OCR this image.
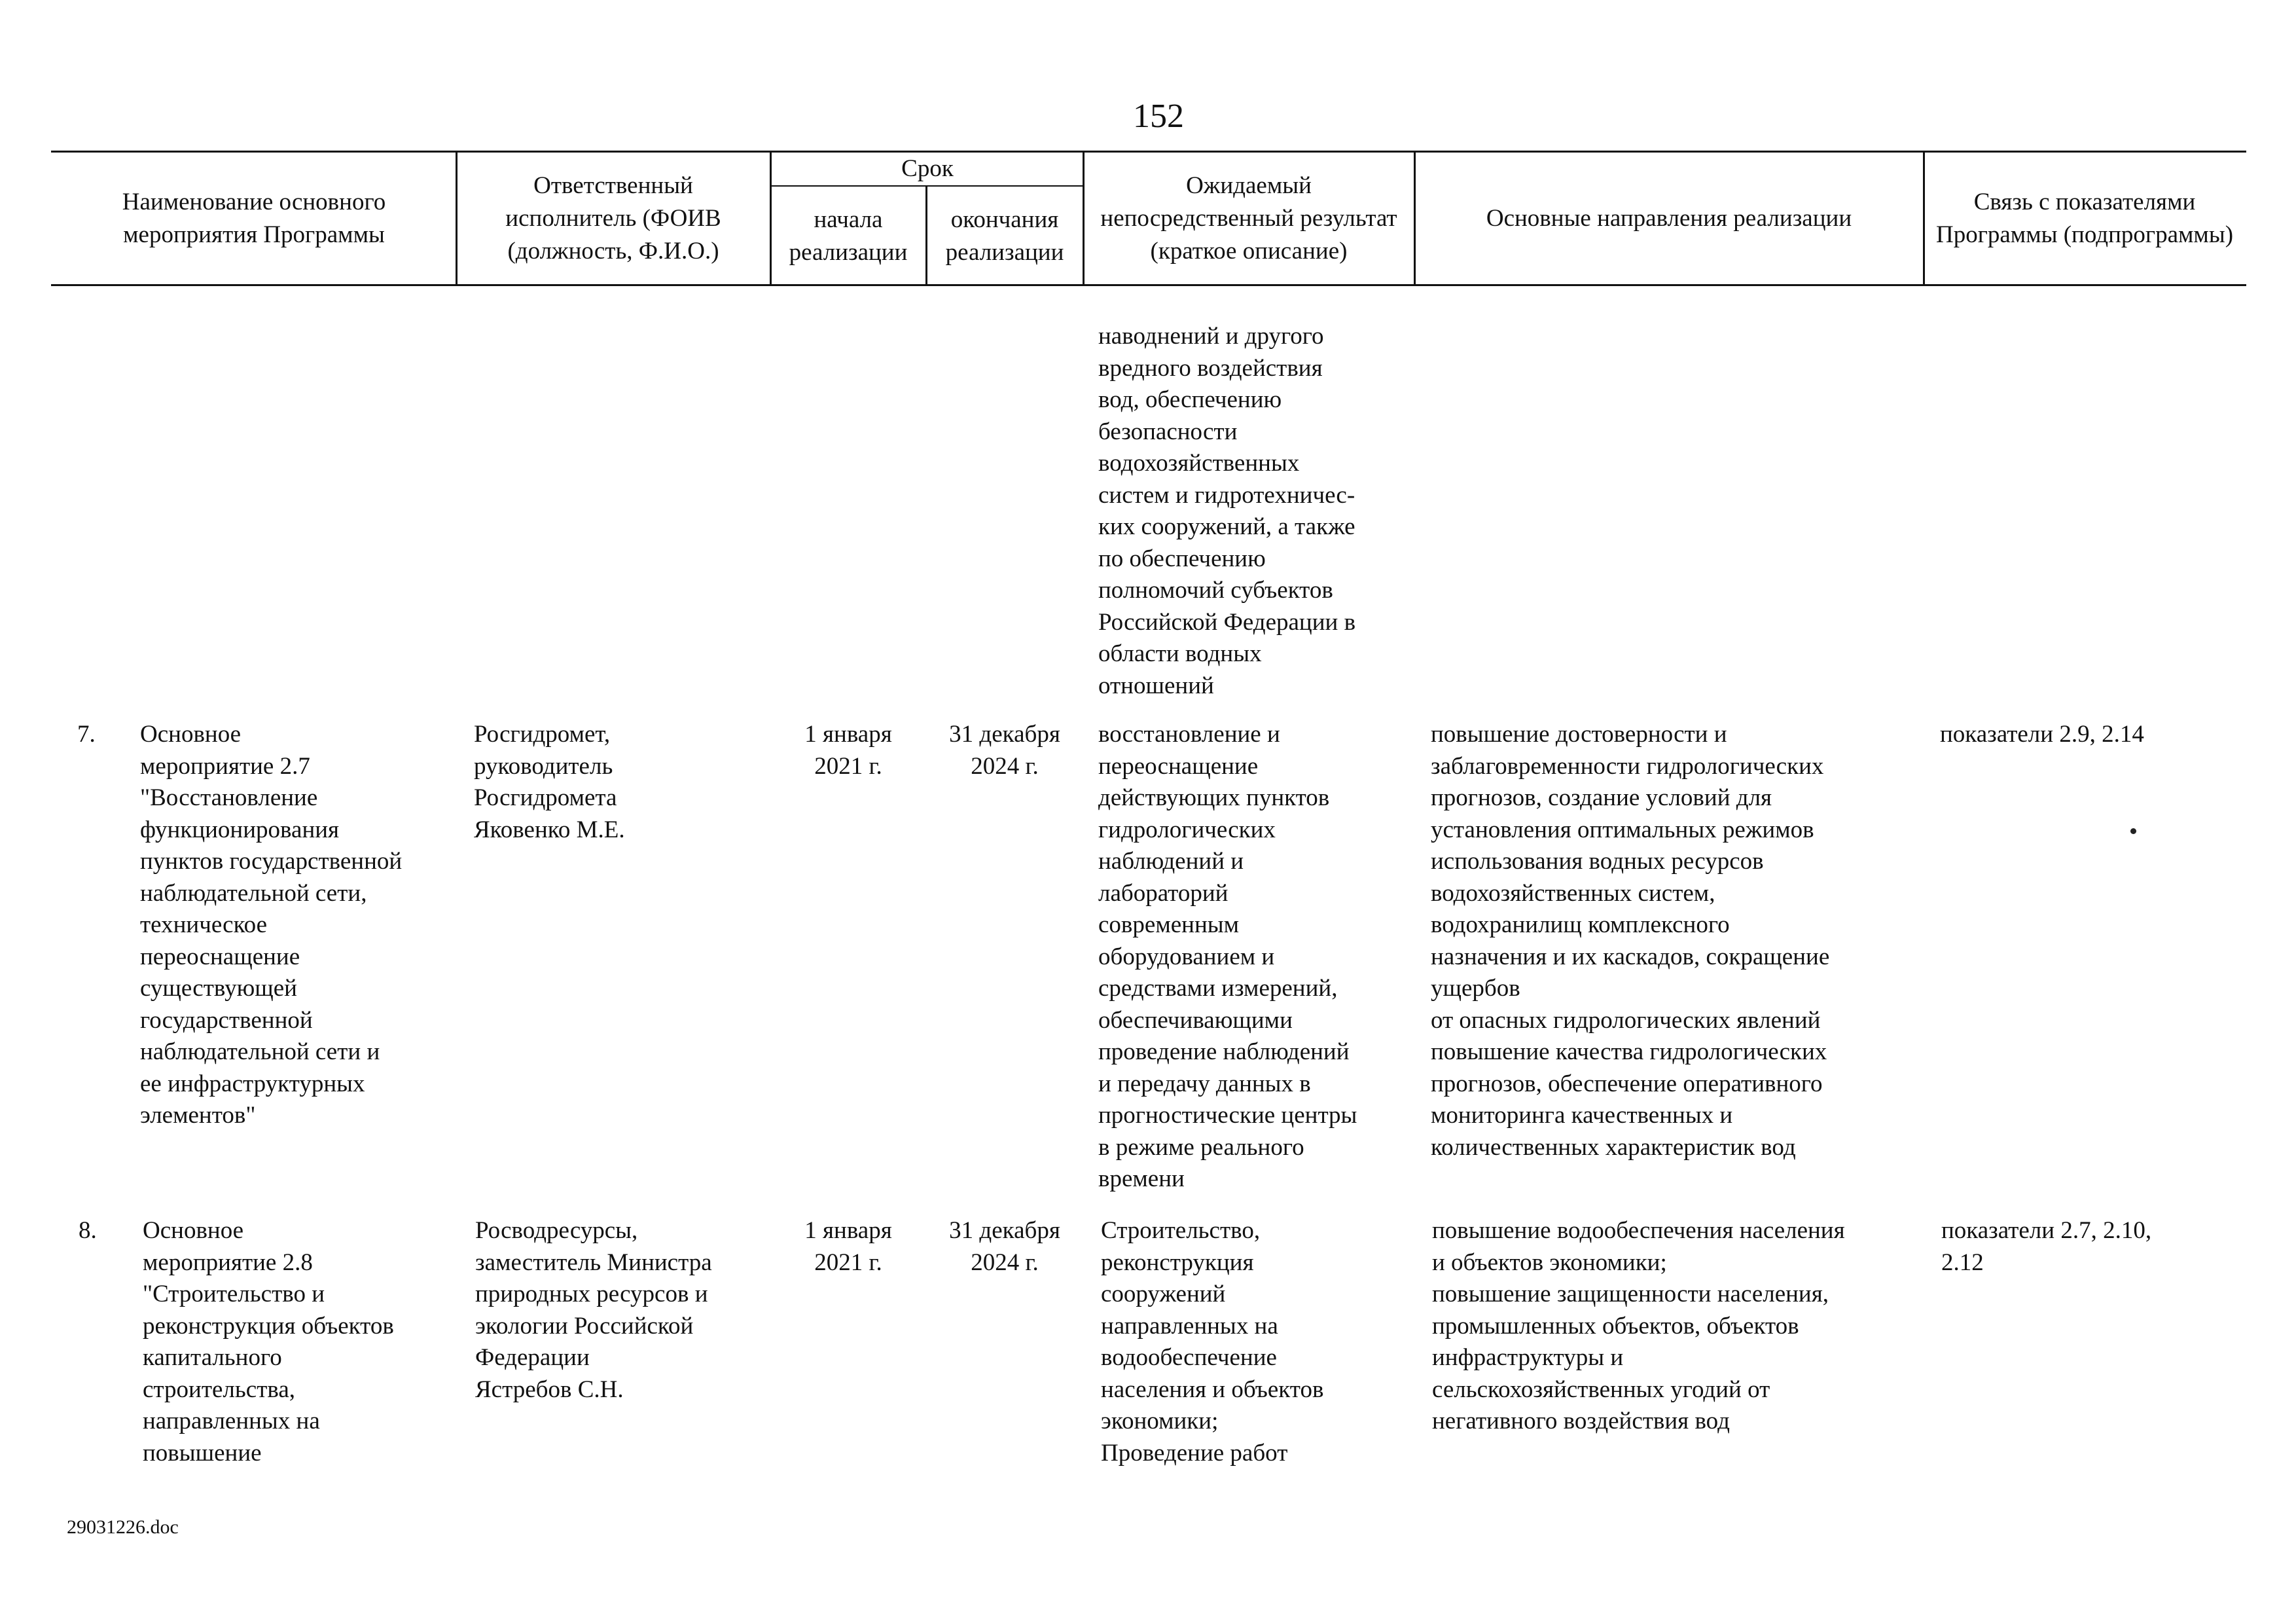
152
Наименование основного мероприятия Программы
Ответственный исполнитель (ФОИВ (должность, Ф.И.О.)
Срок
начала реализации
окончания реализации
Ожидаемый непосредственный результат (краткое описание)
Основные направления реализации
Связь с показателями Программы (подпрограммы)
наводнений и другого
вредного воздействия
вод, обеспечению
безопасности
водохозяйственных
систем и гидротехничес-
ких сооружений, а также
по обеспечению
полномочий субъектов
Российской Федерации в
области водных
отношений
7.	Основное
мероприятие 2.7
"Восстановление
функционирования
пунктов государственной
наблюдательной сети,
техническое
переоснащение
существующей
государственной
наблюдательной сети и
ее инфраструктурных
элементов"
Росгидромет,
руководитель
Росгидромета
Яковенко М.Е.
1 января
2021 г.
31 декабря
2024 г.
восстановление и
переоснащение
действующих пунктов
гидрологических
наблюдений и
лабораторий
современным
оборудованием и
средствами измерений,
обеспечивающими
проведение наблюдений
и передачу данных в
прогностические центры
в режиме реального
времени
повышение достоверности и
заблаговременности гидрологических
прогнозов, создание условий для
установления оптимальных режимов
использования водных ресурсов
водохозяйственных систем,
водохранилищ комплексного
назначения и их каскадов, сокращение
ущербов
от опасных гидрологических явлений
повышение качества гидрологических
прогнозов, обеспечение оперативного
мониторинга качественных и
количественных характеристик вод
показатели 2.9, 2.14
8.	Основное
мероприятие 2.8
"Строительство и
реконструкция объектов
капитального
строительства,
направленных на
повышение
Росводресурсы,
заместитель Министра
природных ресурсов и
экологии Российской
Федерации
Ястребов С.Н.
1 января
2021 г.
31 декабря
2024 г.
Строительство,
реконструкция
сооружений
направленных на
водообеспечение
населения и объектов
экономики;
Проведение работ
повышение водообеспечения населения
и объектов экономики;
повышение защищенности населения,
промышленных объектов, объектов
инфраструктуры и
сельскохозяйственных угодий от
негативного воздействия вод
показатели 2.7, 2.10,
2.12
29031226.doc
